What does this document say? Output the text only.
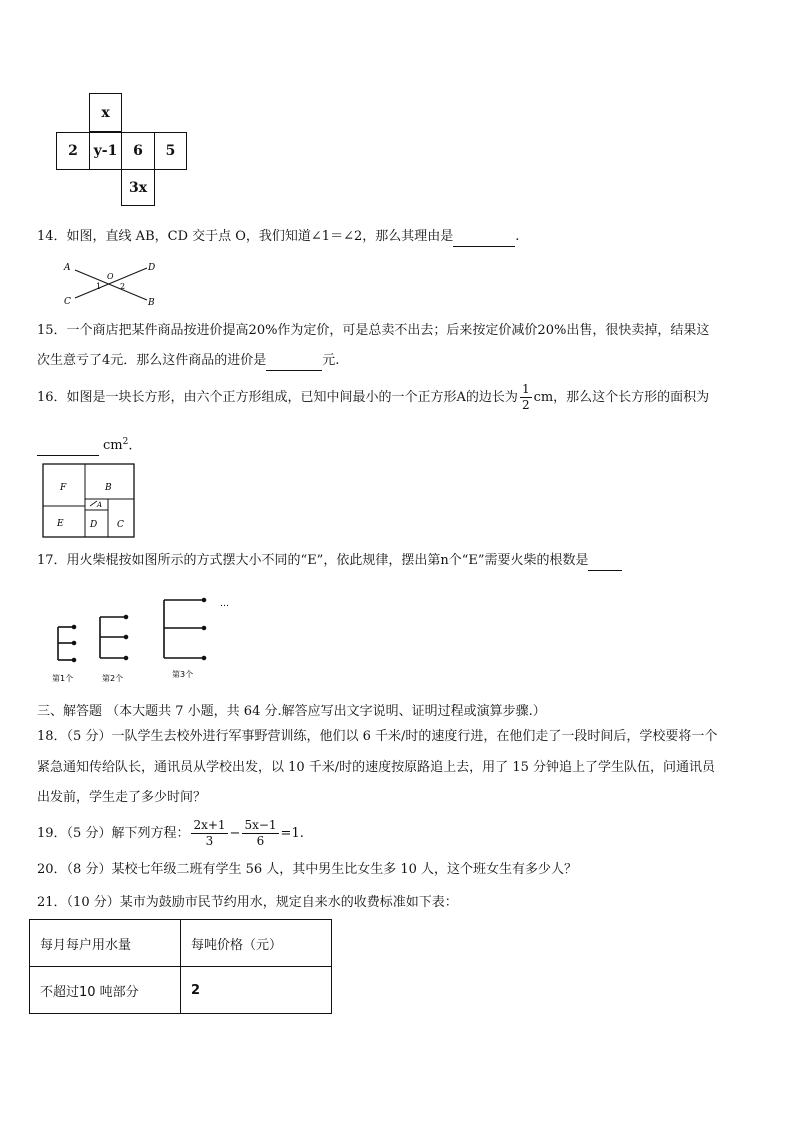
x
2	y-1	6	5
3x
14．如图，直线 AB，CD 交于点 O，我们知道∠1＝∠2，那么其理由是	.
A	D
C	B
O
1 2
15．一个商店把某件商品按进价提高20%作为定价，可是总卖不出去；后来按定价减价20%出售，很快卖掉，结果这
次生意亏了4元．那么这件商品的进价是	元.
16．如图是一块长方形，由六个正方形组成，已知中间最小的一个正方形A的边长为 $\frac{1}{2}$ cm，那么这个长方形的面积为
$cm^2$.
F	B
A
E	D C
17．用火柴棍按如图所示的方式摆大小不同的“E”，依此规律，摆出第n个“E”需要火柴的根数是
…
第1个	第2个	第3个
三、解答题 （本大题共 7 小题，共 64 分.解答应写出文字说明、证明过程或演算步骤.）
18．（5 分）一队学生去校外进行军事野营训练，他们以 6 千米/时的速度行进，在他们走了一段时间后，学校要将一个
紧急通知传给队长，通讯员从学校出发，以 10 千米/时的速度按原路追上去，用了 15 分钟追上了学生队伍，问通讯员
出发前，学生走了多少时间？
19．（5 分）解下列方程： $\frac{2x+1}{3} - \frac{5x-1}{6} =1$.
20．（8 分）某校七年级二班有学生 56 人，其中男生比女生多 10 人，这个班女生有多少人？
21．（10 分）某市为鼓励市民节约用水，规定自来水的收费标准如下表：
每月每户用水量	每吨价格（元）
不超过10 吨部分	2
